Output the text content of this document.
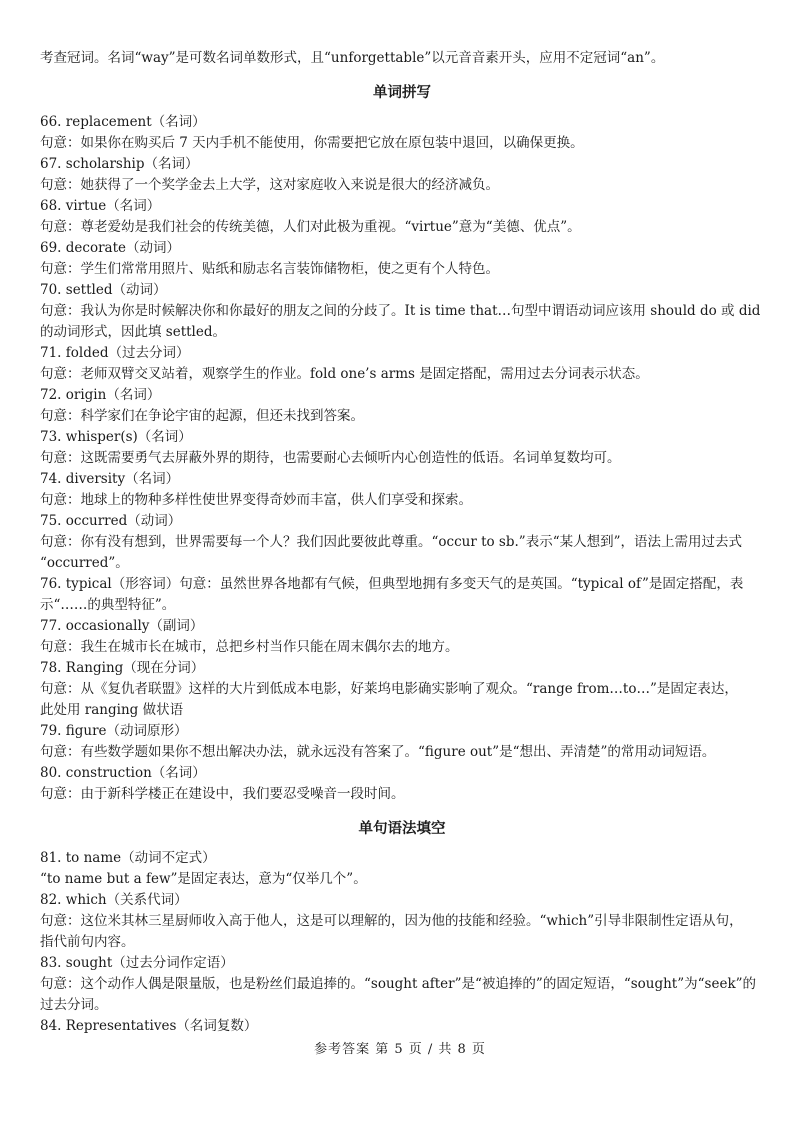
考查冠词。名词“way”是可数名词单数形式，且“unforgettable”以元音音素开头，应用不定冠词“an”。
单词拼写
66. replacement（名词）
句意：如果你在购买后 7 天内手机不能使用，你需要把它放在原包装中退回，以确保更换。
67. scholarship（名词）
句意：她获得了一个奖学金去上大学，这对家庭收入来说是很大的经济减负。
68. virtue（名词）
句意：尊老爱幼是我们社会的传统美德，人们对此极为重视。“virtue”意为“美德、优点”。
69. decorate（动词）
句意：学生们常常用照片、贴纸和励志名言装饰储物柜，使之更有个人特色。
70. settled（动词）
句意：我认为你是时候解决你和你最好的朋友之间的分歧了。It is time that…句型中谓语动词应该用 should do 或 did
的动词形式，因此填 settled。
71. folded（过去分词）
句意：老师双臂交叉站着，观察学生的作业。fold one’s arms 是固定搭配，需用过去分词表示状态。
72. origin（名词）
句意：科学家们在争论宇宙的起源，但还未找到答案。
73. whisper(s)（名词）
句意：这既需要勇气去屏蔽外界的期待，也需要耐心去倾听内心创造性的低语。名词单复数均可。
74. diversity（名词）
句意：地球上的物种多样性使世界变得奇妙而丰富，供人们享受和探索。
75. occurred（动词）
句意：你有没有想到，世界需要每一个人？我们因此要彼此尊重。“occur to sb.”表示“某人想到”，语法上需用过去式
“occurred”。
76. typical（形容词）句意：虽然世界各地都有气候，但典型地拥有多变天气的是英国。“typical of”是固定搭配，表
示“……的典型特征”。
77. occasionally（副词）
句意：我生在城市长在城市，总把乡村当作只能在周末偶尔去的地方。
78. Ranging（现在分词）
句意：从《复仇者联盟》这样的大片到低成本电影，好莱坞电影确实影响了观众。“range from…to…”是固定表达，
此处用 ranging 做状语
79. figure（动词原形）
句意：有些数学题如果你不想出解决办法，就永远没有答案了。“figure out”是“想出、弄清楚”的常用动词短语。
80. construction（名词）
句意：由于新科学楼正在建设中，我们要忍受噪音一段时间。
单句语法填空
81. to name（动词不定式）
“to name but a few”是固定表达，意为“仅举几个”。
82. which（关系代词）
句意：这位米其林三星厨师收入高于他人，这是可以理解的，因为他的技能和经验。“which”引导非限制性定语从句，
指代前句内容。
83. sought（过去分词作定语）
句意：这个动作人偶是限量版，也是粉丝们最追捧的。“sought after”是“被追捧的”的固定短语，“sought”为“seek”的
过去分词。
84. Representatives（名词复数）
参考答案 第 5 页 / 共 8 页
